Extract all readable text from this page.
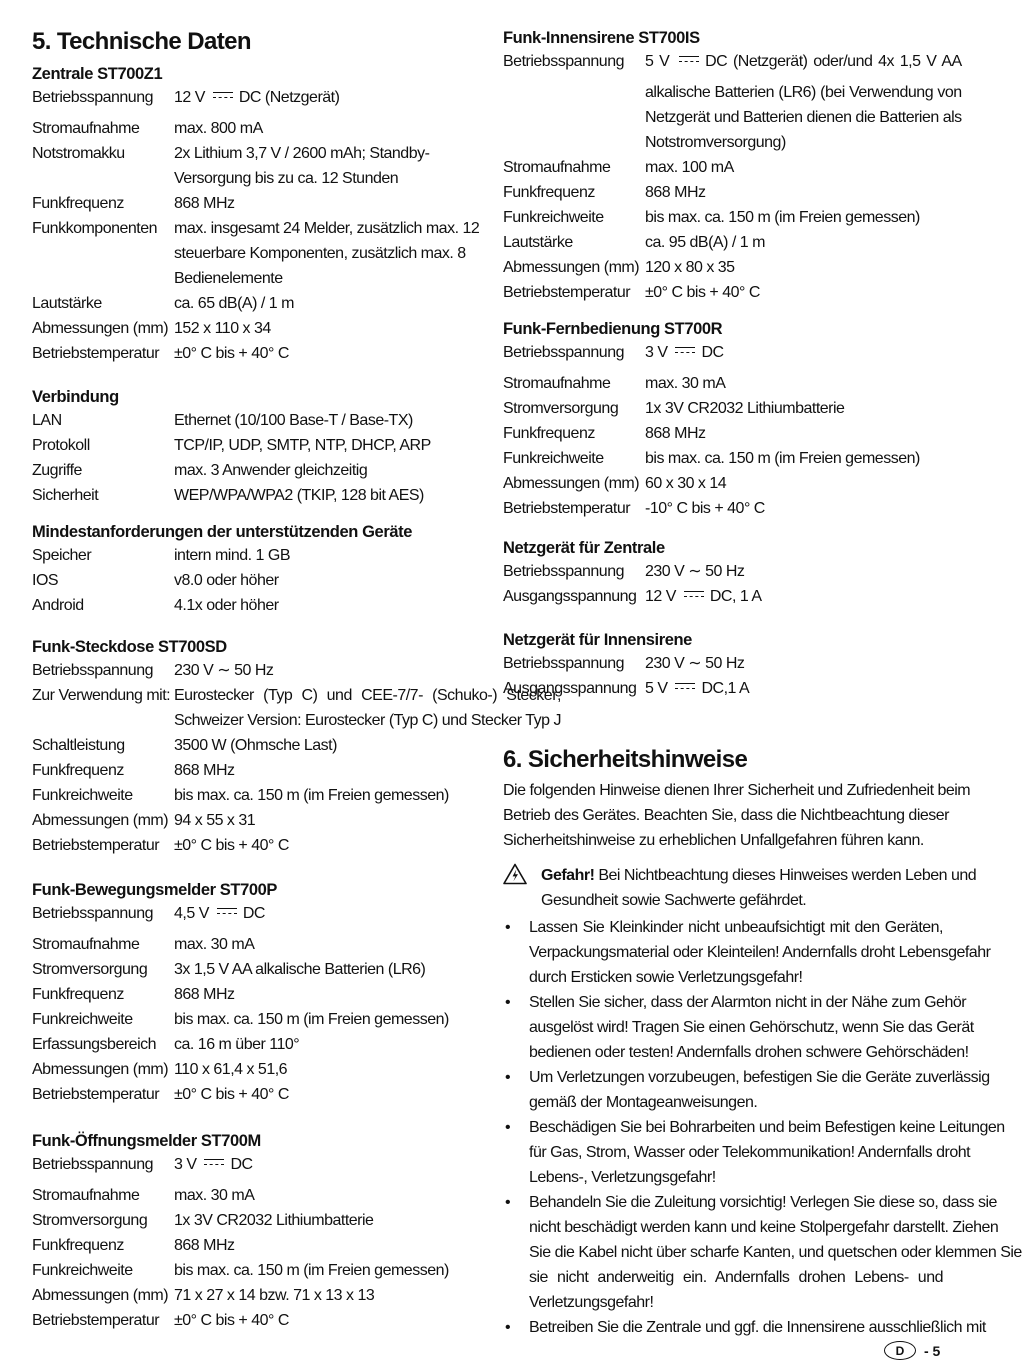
5. Technische Daten
Zentrale ST700Z1
Betriebsspannung	12 V DC (Netzgerät)
Stromaufnahme	max. 800 mA
Notstromakku	2x Lithium 3,7 V / 2600 mAh; Standby-
Versorgung bis zu ca. 12 Stunden
Funkfrequenz	868 MHz
Funkkomponenten	max. insgesamt 24 Melder, zusätzlich max. 12
steuerbare Komponenten, zusätzlich max. 8
Bedienelemente
Lautstärke	ca. 65 dB(A) / 1 m
Abmessungen (mm) 152 x 110 x 34
Betriebstemperatur ±0° C bis + 40° C
Verbindung
LAN	Ethernet (10/100 Base-T / Base-TX)
Protokoll	TCP/IP, UDP, SMTP, NTP, DHCP, ARP
Zugriffe	max. 3 Anwender gleichzeitig
Sicherheit	WEP/WPA/WPA2 (TKIP, 128 bit AES)
Mindestanforderungen der unterstützenden Geräte
Speicher	intern mind. 1 GB
IOS	v8.0 oder höher
Android	4.1x oder höher
Funk-Steckdose ST700SD
Betriebsspannung	230 V ∼ 50 Hz
Zur Verwendung mit: Eurostecker (Typ C) und CEE-7/7- (Schuko-) Stecker;
Schweizer Version: Eurostecker (Typ C) und Stecker Typ J
Schaltleistung	3500 W (Ohmsche Last)
Funkfrequenz	868 MHz
Funkreichweite	bis max. ca. 150 m (im Freien gemessen)
Abmessungen (mm) 94 x 55 x 31
Betriebstemperatur ±0° C bis + 40° C
Funk-Bewegungsmelder ST700P
Betriebsspannung	4,5 V DC
Stromaufnahme	max. 30 mA
Stromversorgung	3x 1,5 V AA alkalische Batterien (LR6)
Funkfrequenz	868 MHz
Funkreichweite	bis max. ca. 150 m (im Freien gemessen)
Erfassungsbereich	ca. 16 m über 110°
Abmessungen (mm) 110 x 61,4 x 51,6
Betriebstemperatur ±0° C bis + 40° C
Funk-Öffnungsmelder ST700M
Betriebsspannung	3 V DC
Stromaufnahme	max. 30 mA
Stromversorgung	1x 3V CR2032 Lithiumbatterie
Funkfrequenz	868 MHz
Funkreichweite	bis max. ca. 150 m (im Freien gemessen)
Abmessungen (mm) 71 x 27 x 14 bzw. 71 x 13 x 13
Betriebstemperatur ±0° C bis + 40° C
Funk-Innensirene ST700IS
Betriebsspannung	5 V DC (Netzgerät) oder/und 4x 1,5 V AA
alkalische Batterien (LR6) (bei Verwendung von
Netzgerät und Batterien dienen die Batterien als
Notstromversorgung)
Stromaufnahme	max. 100 mA
Funkfrequenz	868 MHz
Funkreichweite	bis max. ca. 150 m (im Freien gemessen)
Lautstärke	ca. 95 dB(A) / 1 m
Abmessungen (mm) 120 x 80 x 35
Betriebstemperatur ±0° C bis + 40° C
Funk-Fernbedienung ST700R
Betriebsspannung	3 V DC
Stromaufnahme	max. 30 mA
Stromversorgung	1x 3V CR2032 Lithiumbatterie
Funkfrequenz	868 MHz
Funkreichweite	bis max. ca. 150 m (im Freien gemessen)
Abmessungen (mm) 60 x 30 x 14
Betriebstemperatur -10° C bis + 40° C
Netzgerät für Zentrale
Betriebsspannung	230 V ∼ 50 Hz
Ausgangsspannung 12 V DC, 1 A
Netzgerät für Innensirene
Betriebsspannung	230 V ∼ 50 Hz
Ausgangsspannung 5 V DC,1 A
6. Sicherheitshinweise
Die folgenden Hinweise dienen Ihrer Sicherheit und Zufriedenheit beim
Betrieb des Gerätes. Beachten Sie, dass die Nichtbeachtung dieser
Sicherheitshinweise zu erheblichen Unfallgefahren führen kann.
Gefahr! Bei Nichtbeachtung dieses Hinweises werden Leben und
Gesundheit sowie Sachwerte gefährdet.
• Lassen Sie Kleinkinder nicht unbeaufsichtigt mit den Geräten,
Verpackungsmaterial oder Kleinteilen! Andernfalls droht Lebensgefahr
durch Ersticken sowie Verletzungsgefahr!
• Stellen Sie sicher, dass der Alarmton nicht in der Nähe zum Gehör
ausgelöst wird! Tragen Sie einen Gehörschutz, wenn Sie das Gerät
bedienen oder testen! Andernfalls drohen schwere Gehörschäden!
• Um Verletzungen vorzubeugen, befestigen Sie die Geräte zuverlässig
gemäß der Montageanweisungen.
• Beschädigen Sie bei Bohrarbeiten und beim Befestigen keine Leitungen
für Gas, Strom, Wasser oder Telekommunikation! Andernfalls droht
Lebens-, Verletzungsgefahr!
• Behandeln Sie die Zuleitung vorsichtig! Verlegen Sie diese so, dass sie
nicht beschädigt werden kann und keine Stolpergefahr darstellt. Ziehen
Sie die Kabel nicht über scharfe Kanten, und quetschen oder klemmen Sie
sie nicht anderweitig ein. Andernfalls drohen Lebens- und
Verletzungsgefahr!
• Betreiben Sie die Zentrale und ggf. die Innensirene ausschließlich mit
D	- 5
